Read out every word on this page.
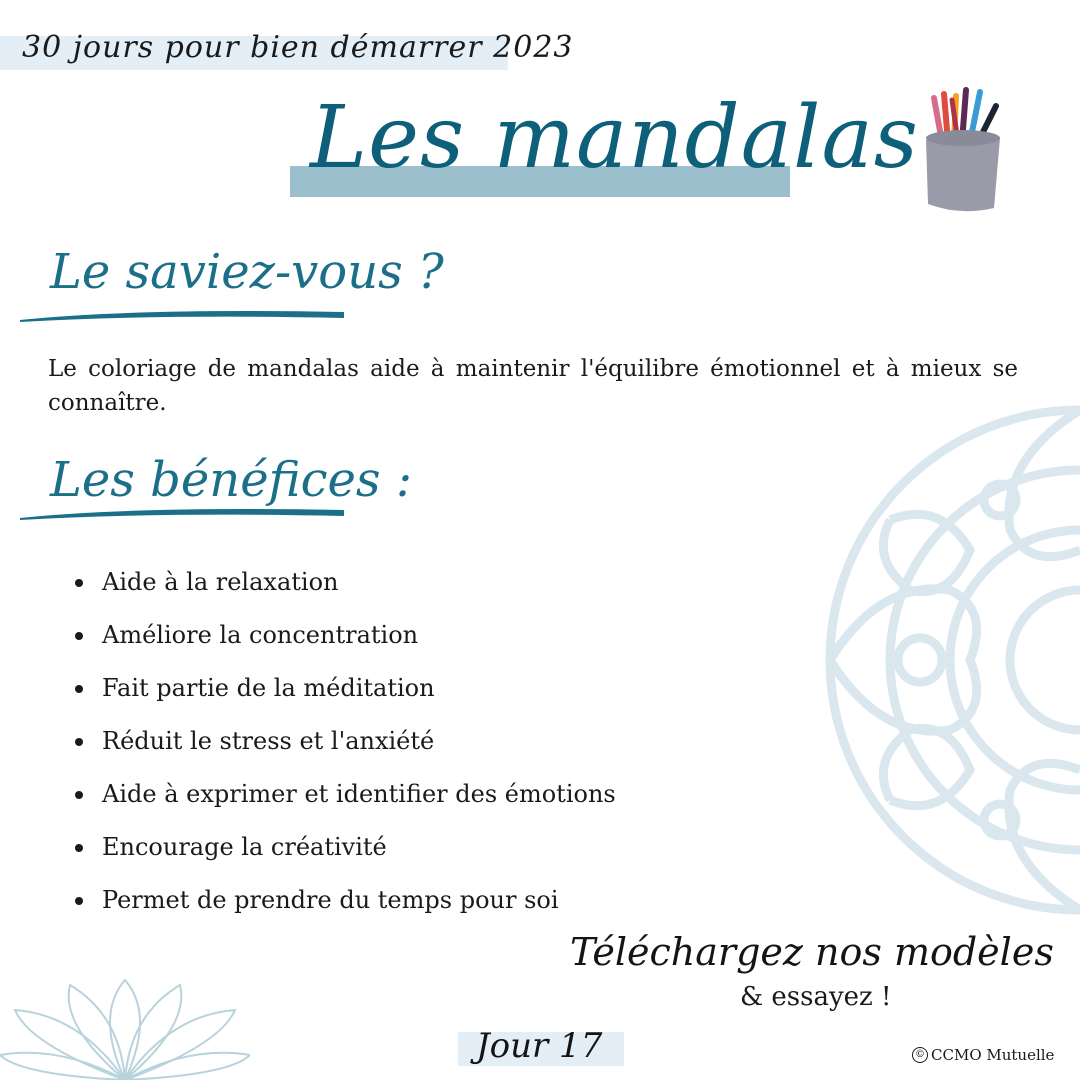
30 jours pour bien démarrer 2023
Les mandalas
Le saviez-vous ?
Le coloriage de mandalas aide à maintenir l'équilibre émotionnel et à mieux se connaître.
Les bénéfices :
Aide à la relaxation
Améliore la concentration
Fait partie de la méditation
Réduit le stress et l'anxiété
Aide à exprimer et identifier des émotions
Encourage la créativité
Permet de prendre du temps pour soi
Téléchargez nos modèles
& essayez !
Jour 17	© CCMO Mutuelle
